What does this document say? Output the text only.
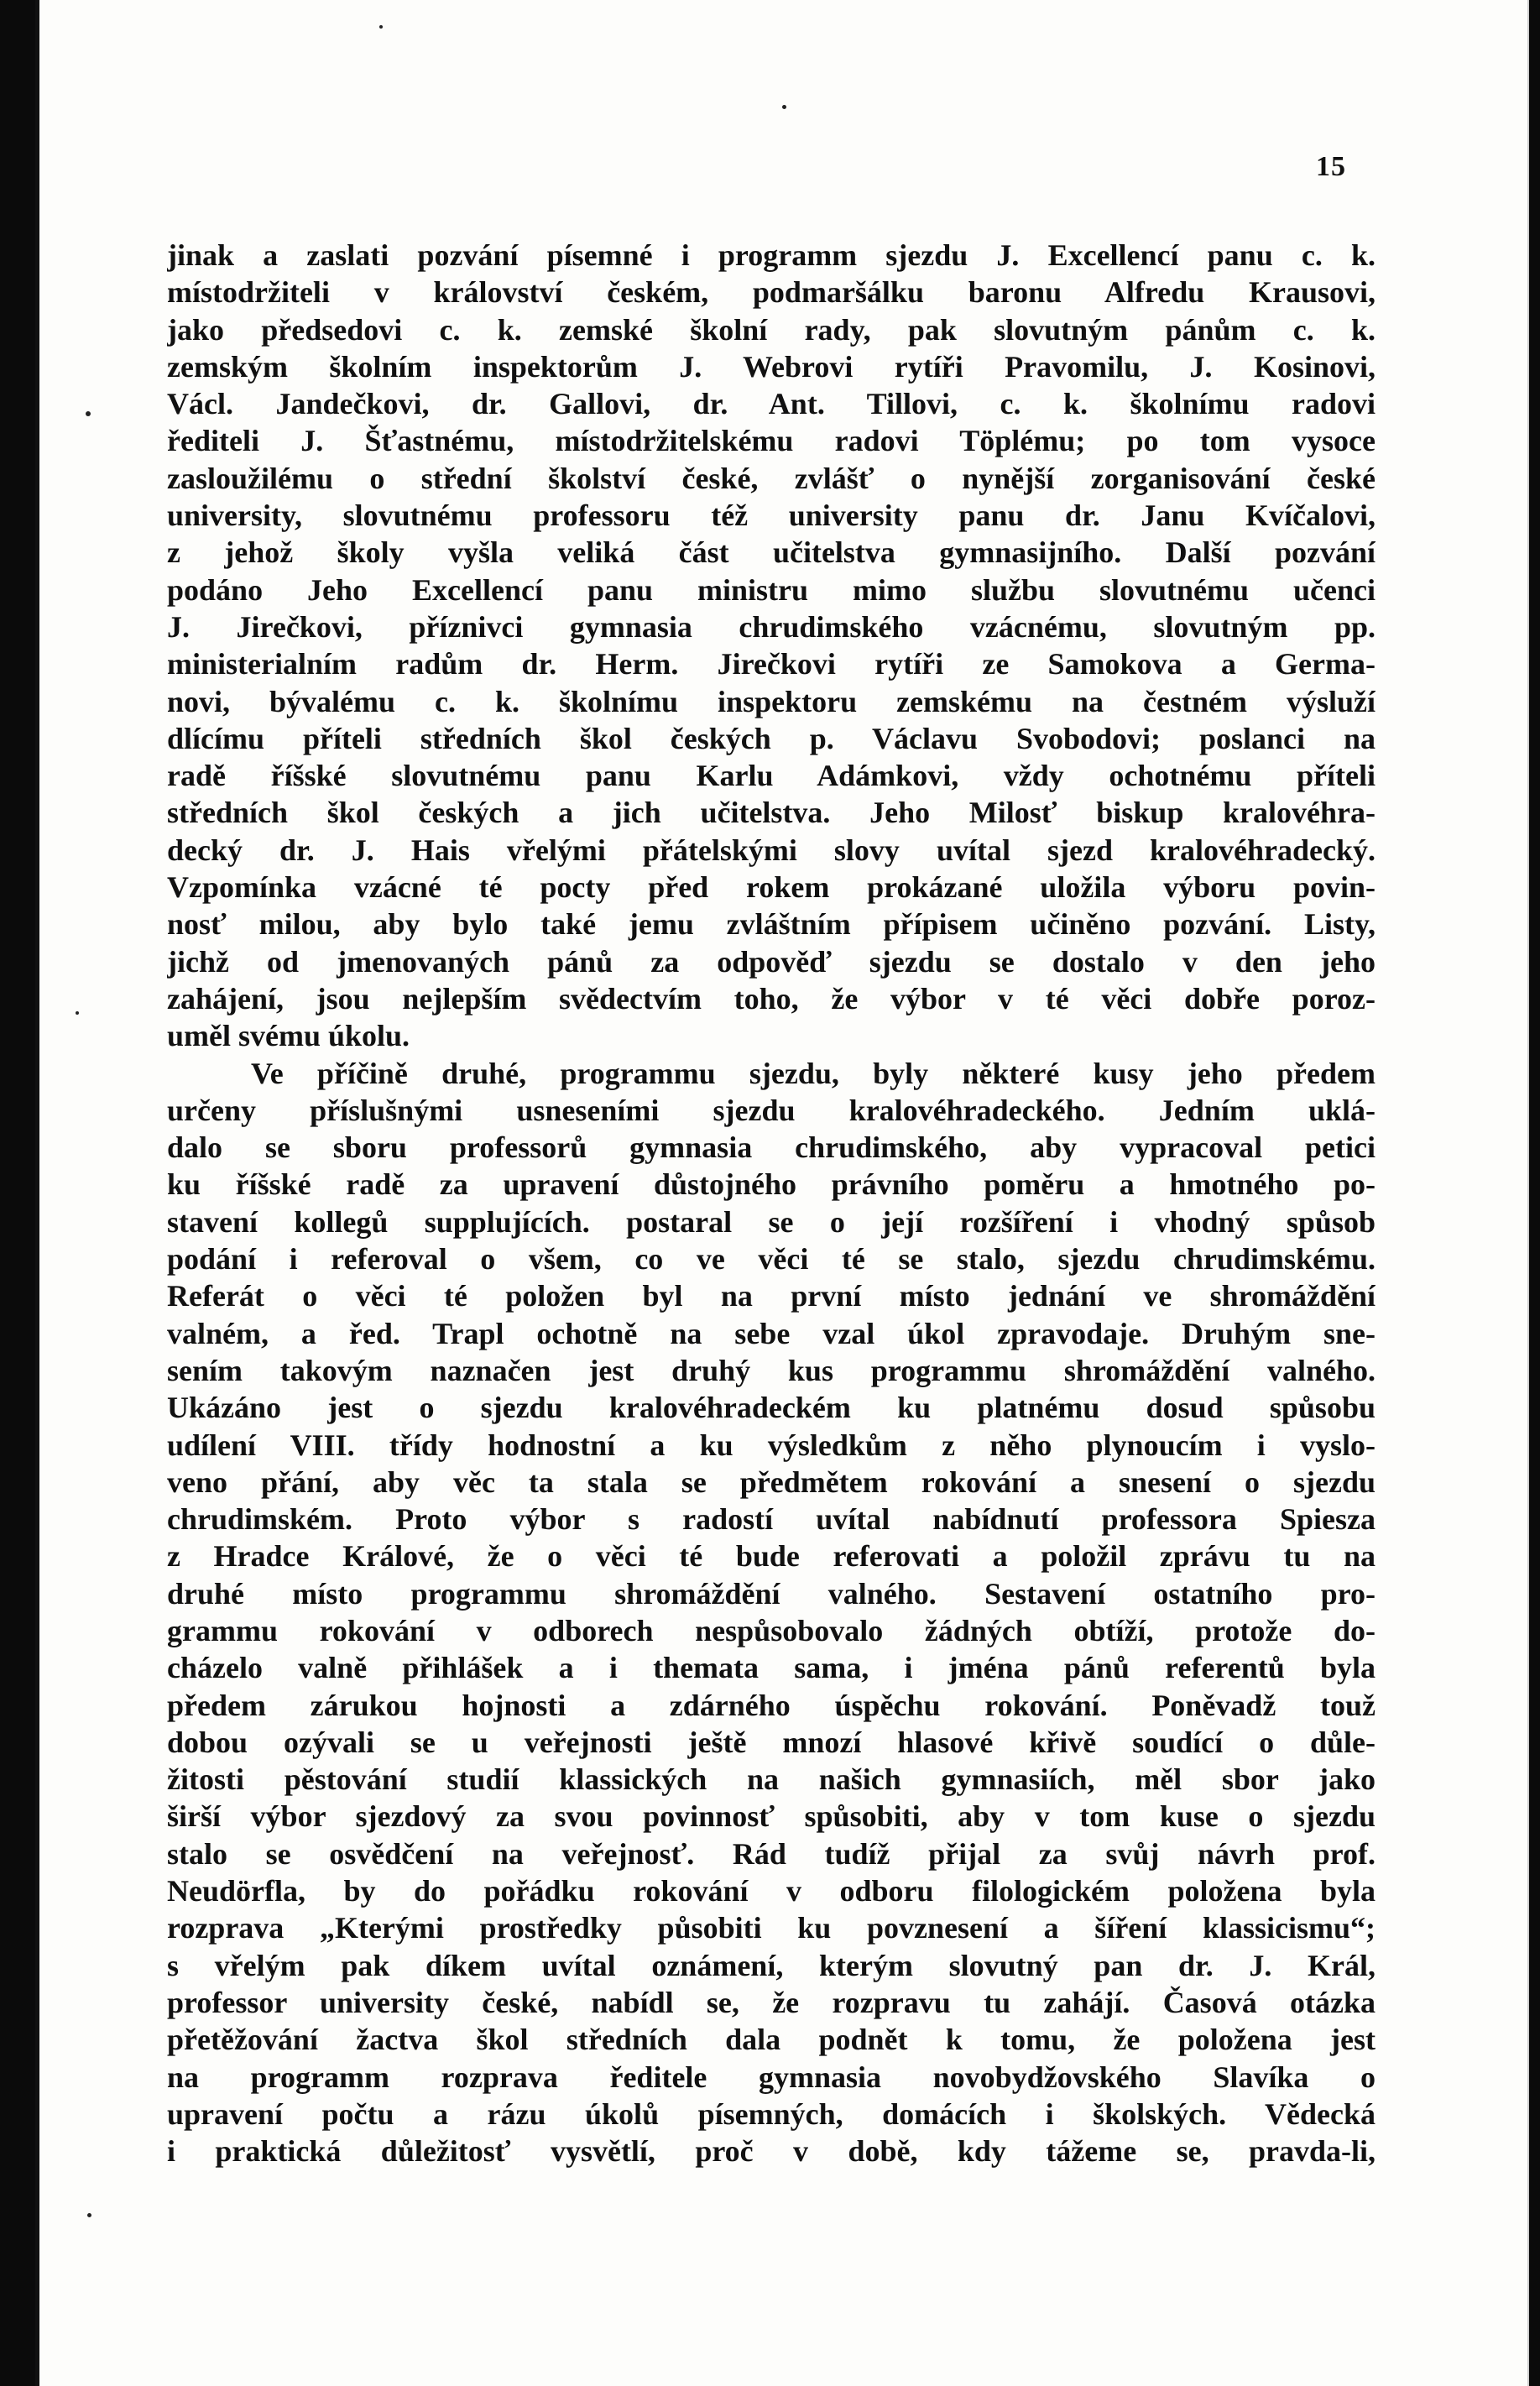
15
jinak a zaslati pozvání písemné i programm sjezdu J. Excellencí panu c. k.
místodržiteli v království českém, podmaršálku baronu Alfredu Krausovi,
jako předsedovi c. k. zemské školní rady, pak slovutným pánům c. k.
zemským školním inspektorům J. Webrovi rytíři Pravomilu, J. Kosinovi,
Václ. Jandečkovi, dr. Gallovi, dr. Ant. Tillovi, c. k. školnímu radovi
řediteli J. Šťastnému, místodržitelskému radovi Töplému; po tom vysoce
zasloužilému o střední školství české, zvlášť o nynější zorganisování české
university, slovutnému professoru též university panu dr. Janu Kvíčalovi,
z jehož školy vyšla veliká část učitelstva gymnasijního. Další pozvání
podáno Jeho Excellencí panu ministru mimo službu slovutnému učenci
J. Jirečkovi, příznivci gymnasia chrudimského vzácnému, slovutným pp.
ministerialním radům dr. Herm. Jirečkovi rytíři ze Samokova a Germa-
novi, bývalému c. k. školnímu inspektoru zemskému na čestném výsluží
dlícímu příteli středních škol českých p. Václavu Svobodovi; poslanci na
radě říšské slovutnému panu Karlu Adámkovi, vždy ochotnému příteli
středních škol českých a jich učitelstva. Jeho Milosť biskup kralovéhra-
decký dr. J. Hais vřelými přátelskými slovy uvítal sjezd kralovéhradecký.
Vzpomínka vzácné té pocty před rokem prokázané uložila výboru povin-
nosť milou, aby bylo také jemu zvláštním přípisem učiněno pozvání. Listy,
jichž od jmenovaných pánů za odpověď sjezdu se dostalo v den jeho
zahájení, jsou nejlepším svědectvím toho, že výbor v té věci dobře poroz-
uměl svému úkolu.
Ve příčině druhé, programmu sjezdu, byly některé kusy jeho předem
určeny příslušnými usneseními sjezdu kralovéhradeckého. Jedním uklá-
dalo se sboru professorů gymnasia chrudimského, aby vypracoval petici
ku říšské radě za upravení důstojného právního poměru a hmotného po-
stavení kollegů supplujících. postaral se o její rozšíření i vhodný spůsob
podání i referoval o všem, co ve věci té se stalo, sjezdu chrudimskému.
Referát o věci té položen byl na první místo jednání ve shromáždění
valném, a řed. Trapl ochotně na sebe vzal úkol zpravodaje. Druhým sne-
sením takovým naznačen jest druhý kus programmu shromáždění valného.
Ukázáno jest o sjezdu kralovéhradeckém ku platnému dosud spůsobu
udílení VIII. třídy hodnostní a ku výsledkům z něho plynoucím i vyslo-
veno přání, aby věc ta stala se předmětem rokování a snesení o sjezdu
chrudimském. Proto výbor s radostí uvítal nabídnutí professora Spiesza
z Hradce Králové, že o věci té bude referovati a položil zprávu tu na
druhé místo programmu shromáždění valného. Sestavení ostatního pro-
grammu rokování v odborech nespůsobovalo žádných obtíží, protože do-
cházelo valně přihlášek a i themata sama, i jména pánů referentů byla
předem zárukou hojnosti a zdárného úspěchu rokování. Poněvadž touž
dobou ozývali se u veřejnosti ještě mnozí hlasové křivě soudící o důle-
žitosti pěstování studií klassických na našich gymnasiích, měl sbor jako
širší výbor sjezdový za svou povinnosť spůsobiti, aby v tom kuse o sjezdu
stalo se osvědčení na veřejnosť. Rád tudíž přijal za svůj návrh prof.
Neudörfla, by do pořádku rokování v odboru filologickém položena byla
rozprava „Kterými prostředky působiti ku povznesení a šíření klassicismu“;
s vřelým pak díkem uvítal oznámení, kterým slovutný pan dr. J. Král,
professor university české, nabídl se, že rozpravu tu zahájí. Časová otázka
přetěžování žactva škol středních dala podnět k tomu, že položena jest
na programm rozprava ředitele gymnasia novobydžovského Slavíka o
upravení počtu a rázu úkolů písemných, domácích i školských. Vědecká
i praktická důležitosť vysvětlí, proč v době, kdy tážeme se, pravda-li,
